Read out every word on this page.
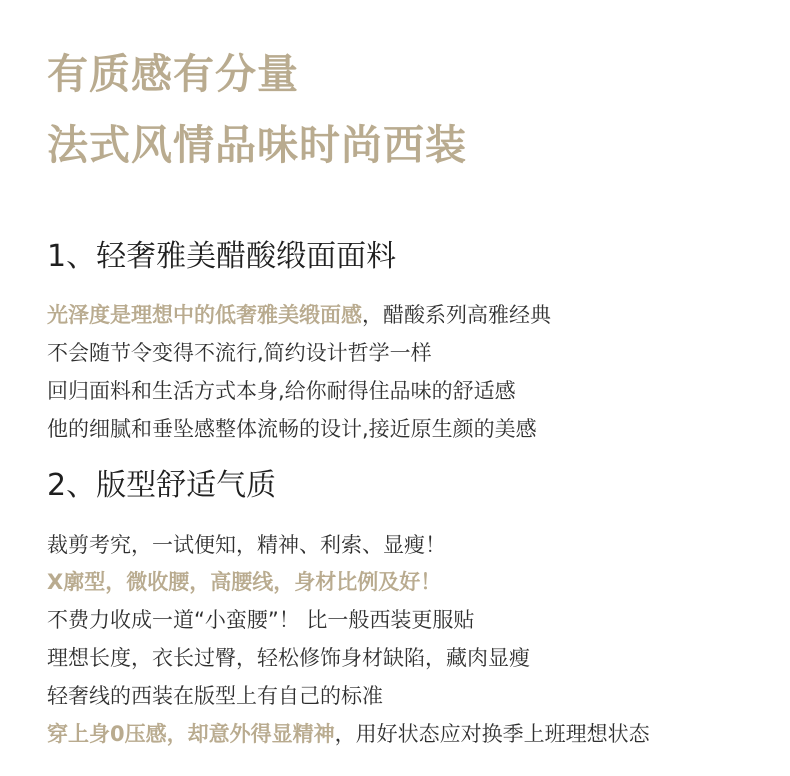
有质感有分量
法式风情品味时尚西装
1、轻奢雅美醋酸缎面面料
光泽度是理想中的低奢雅美缎面感，醋酸系列高雅经典
不会随节令变得不流行,简约设计哲学一样
回归面料和生活方式本身,给你耐得住品味的舒适感
他的细腻和垂坠感整体流畅的设计,接近原生颜的美感
2、版型舒适气质
裁剪考究，一试便知，精神、利索、显瘦！
X廓型，微收腰，高腰线，身材比例及好！
不费力收成一道“小蛮腰”！ 比一般西装更服贴
理想长度，衣长过臀，轻松修饰身材缺陷，藏肉显瘦
轻奢线的西装在版型上有自己的标准
穿上身0压感，却意外得显精神，用好状态应对换季上班理想状态
